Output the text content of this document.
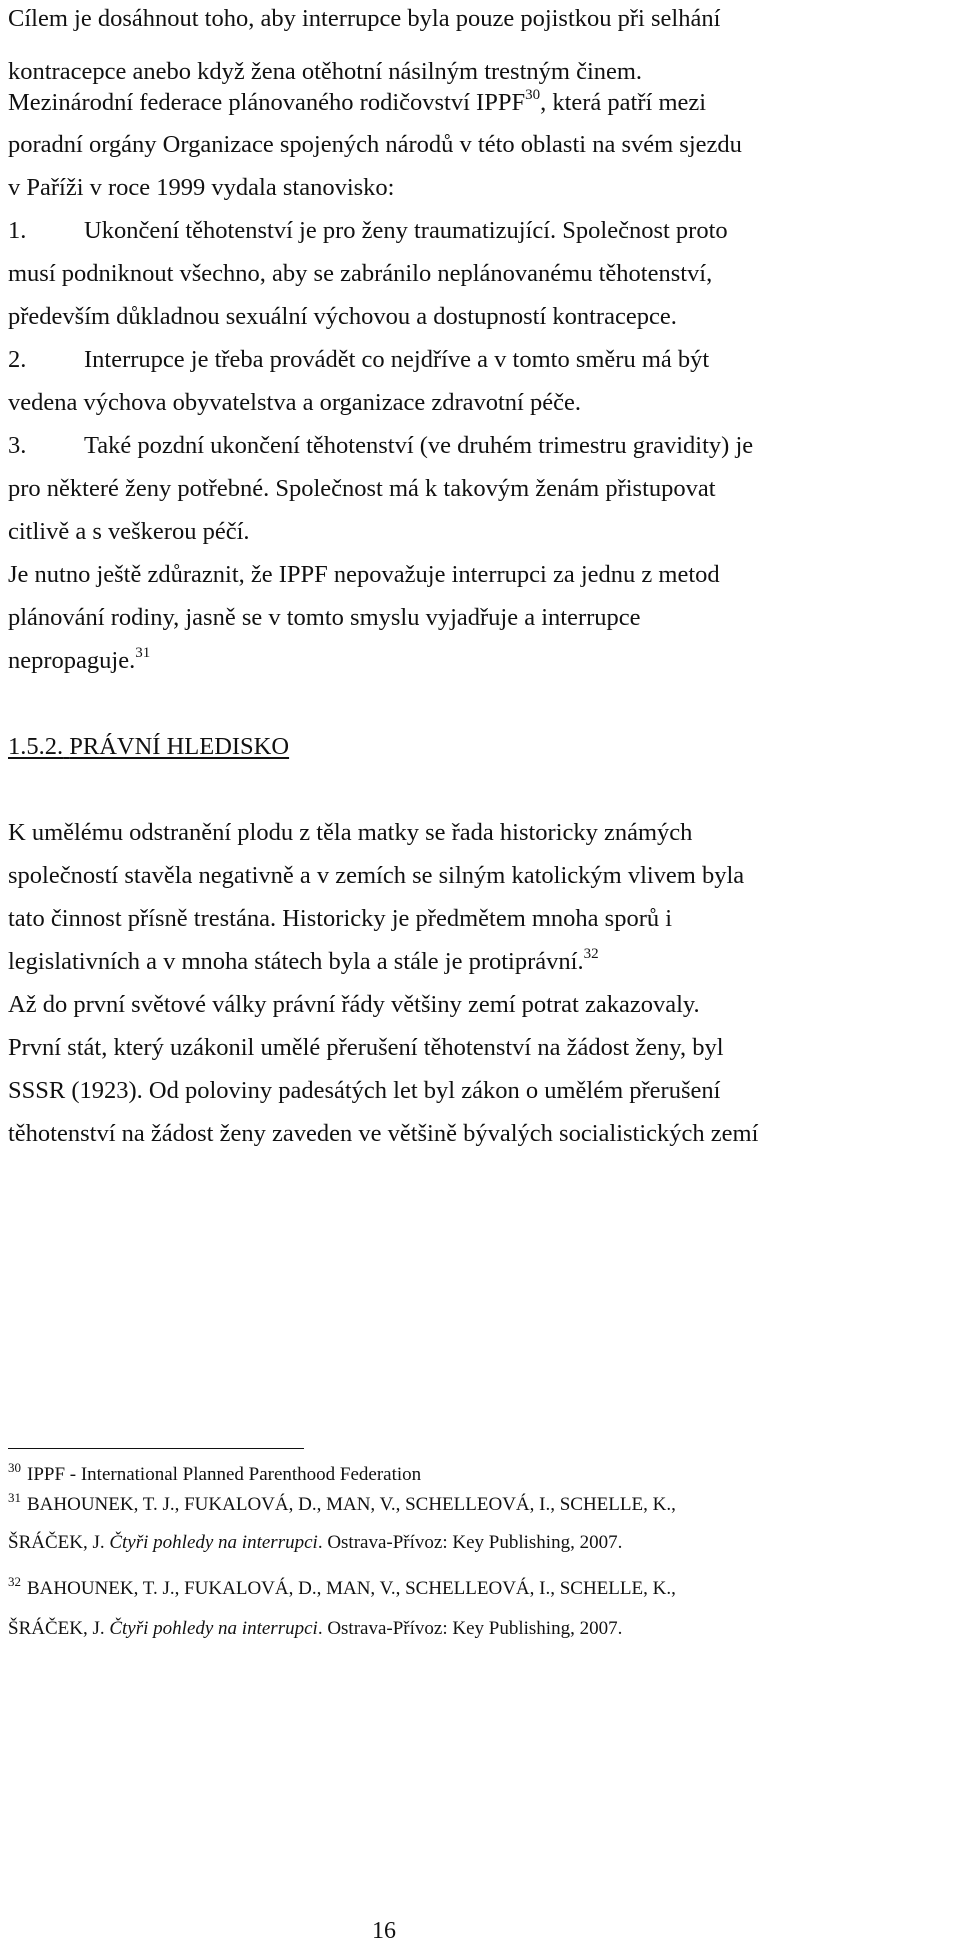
Cílem je dosáhnout toho, aby interrupce byla pouze pojistkou při selhání
kontracepce anebo když žena otěhotní násilným trestným činem.
Mezinárodní federace plánovaného rodičovství IPPF$^{30}$, která patří mezi
poradní orgány Organizace spojených národů v této oblasti na svém sjezdu
v Paříži v roce 1999 vydala stanovisko:
1. Ukončení těhotenství je pro ženy traumatizující. Společnost proto
musí podniknout všechno, aby se zabránilo neplánovanému těhotenství,
především důkladnou sexuální výchovou a dostupností kontracepce.
2. Interrupce je třeba provádět co nejdříve a v tomto směru má být
vedena výchova obyvatelstva a organizace zdravotní péče.
3. Také pozdní ukončení těhotenství (ve druhém trimestru gravidity) je
pro některé ženy potřebné. Společnost má k takovým ženám přistupovat
citlivě a s veškerou péčí.
Je nutno ještě zdůraznit, že IPPF nepovažuje interrupci za jednu z metod
plánování rodiny, jasně se v tomto smyslu vyjadřuje a interrupce
nepropaguje.$^{31}$
1.5.2. PRÁVNÍ HLEDISKO
K umělému odstranění plodu z těla matky se řada historicky známých
společností stavěla negativně a v zemích se silným katolickým vlivem byla
tato činnost přísně trestána. Historicky je předmětem mnoha sporů i
legislativních a v mnoha státech byla a stále je protiprávní.$^{32}$
Až do první světové války právní řády většiny zemí potrat zakazovaly.
První stát, který uzákonil umělé přerušení těhotenství na žádost ženy, byl
SSSR (1923). Od poloviny padesátých let byl zákon o umělém přerušení
těhotenství na žádost ženy zaveden ve většině bývalých socialistických zemí
$^{30}$ IPPF - International Planned Parenthood Federation
$^{31}$ BAHOUNEK, T. J., FUKALOVÁ, D., MAN, V., SCHELLEOVÁ, I., SCHELLE, K.,
ŠRÁČEK, J. Čtyři pohledy na interrupci. Ostrava-Přívoz: Key Publishing, 2007.
$^{32}$ BAHOUNEK, T. J., FUKALOVÁ, D., MAN, V., SCHELLEOVÁ, I., SCHELLE, K.,
ŠRÁČEK, J. Čtyři pohledy na interrupci. Ostrava-Přívoz: Key Publishing, 2007.
16
